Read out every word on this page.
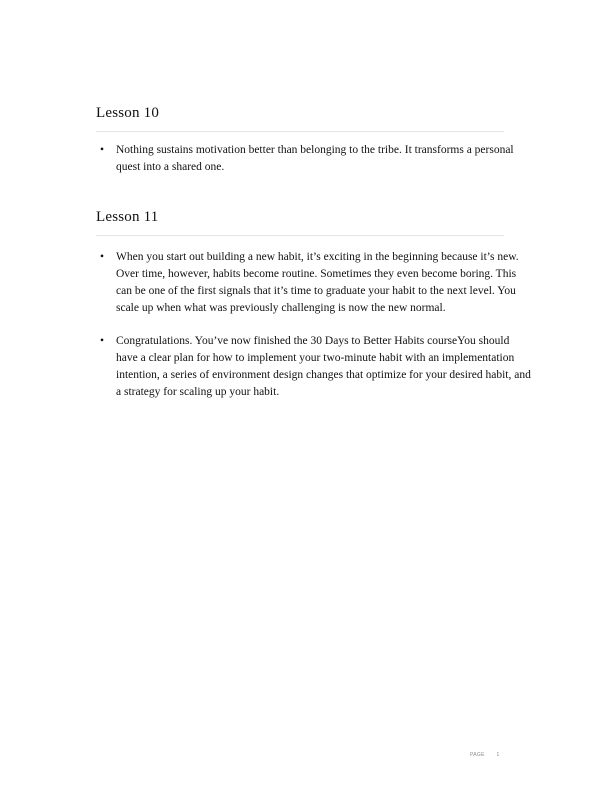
Lesson 10
• Nothing sustains motivation better than belonging to the tribe. It transforms a personal quest into a shared one.
Lesson 11
• When you start out building a new habit, it’s exciting in the beginning because it’s new. Over time, however, habits become routine. Sometimes they even become boring. This can be one of the first signals that it’s time to graduate your habit to the next level. You scale up when what was previously challenging is now the new normal.
• Congratulations. You’ve now finished the 30 Days to Better Habits courseYou should have a clear plan for how to implement your two-minute habit with an implementation intention, a series of environment design changes that optimize for your desired habit, and a strategy for scaling up your habit.
PAGE 1
